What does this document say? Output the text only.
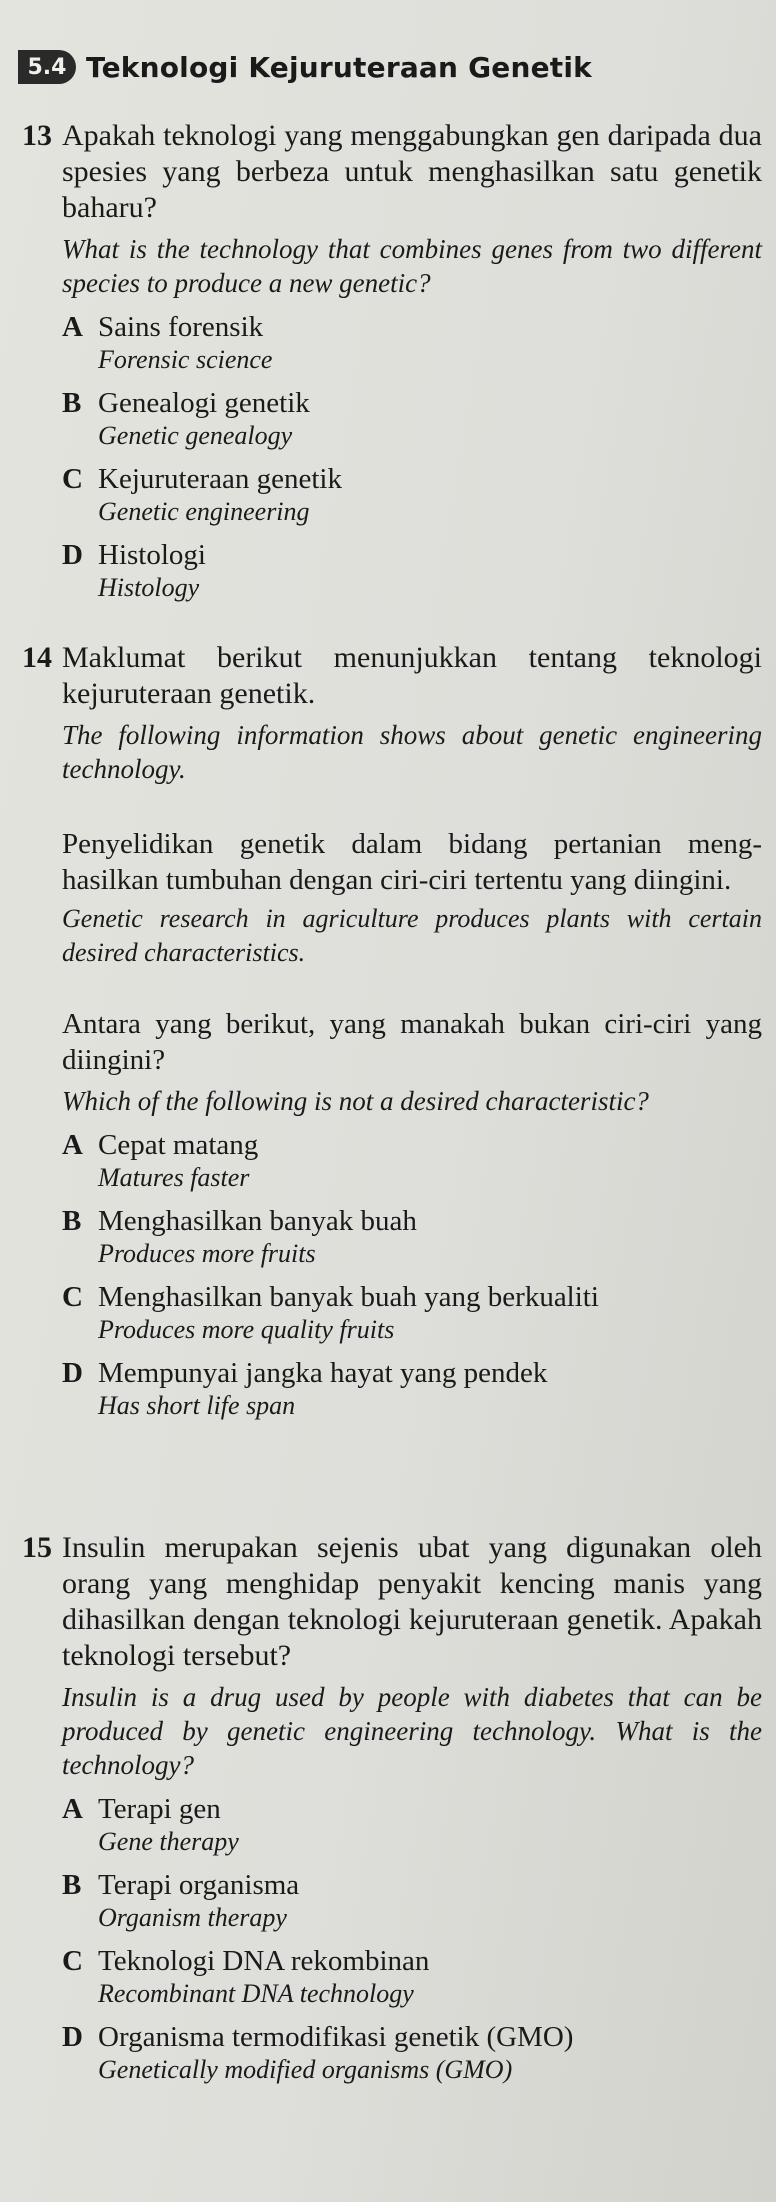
5.4 Teknologi Kejuruteraan Genetik
13 Apakah teknologi yang menggabungkan gen daripada dua spesies yang berbeza untuk menghasilkan satu genetik baharu?
What is the technology that combines genes from two different species to produce a new genetic?
A Sains forensik
Forensic science
B Genealogi genetik
Genetic genealogy
C Kejuruteraan genetik
Genetic engineering
D Histologi
Histology
14 Maklumat berikut menunjukkan tentang teknologi kejuruteraan genetik.
The following information shows about genetic engineering technology.
Penyelidikan genetik dalam bidang pertanian meng-hasilkan tumbuhan dengan ciri-ciri tertentu yang diingini.
Genetic research in agriculture produces plants with certain desired characteristics.
Antara yang berikut, yang manakah bukan ciri-ciri yang diingini?
Which of the following is not a desired characteristic?
A Cepat matang
Matures faster
B Menghasilkan banyak buah
Produces more fruits
C Menghasilkan banyak buah yang berkualiti
Produces more quality fruits
D Mempunyai jangka hayat yang pendek
Has short life span
15 Insulin merupakan sejenis ubat yang digunakan oleh orang yang menghidap penyakit kencing manis yang dihasilkan dengan teknologi kejuruteraan genetik. Apakah teknologi tersebut?
Insulin is a drug used by people with diabetes that can be produced by genetic engineering technology. What is the technology?
A Terapi gen
Gene therapy
B Terapi organisma
Organism therapy
C Teknologi DNA rekombinan
Recombinant DNA technology
D Organisma termodifikasi genetik (GMO)
Genetically modified organisms (GMO)
